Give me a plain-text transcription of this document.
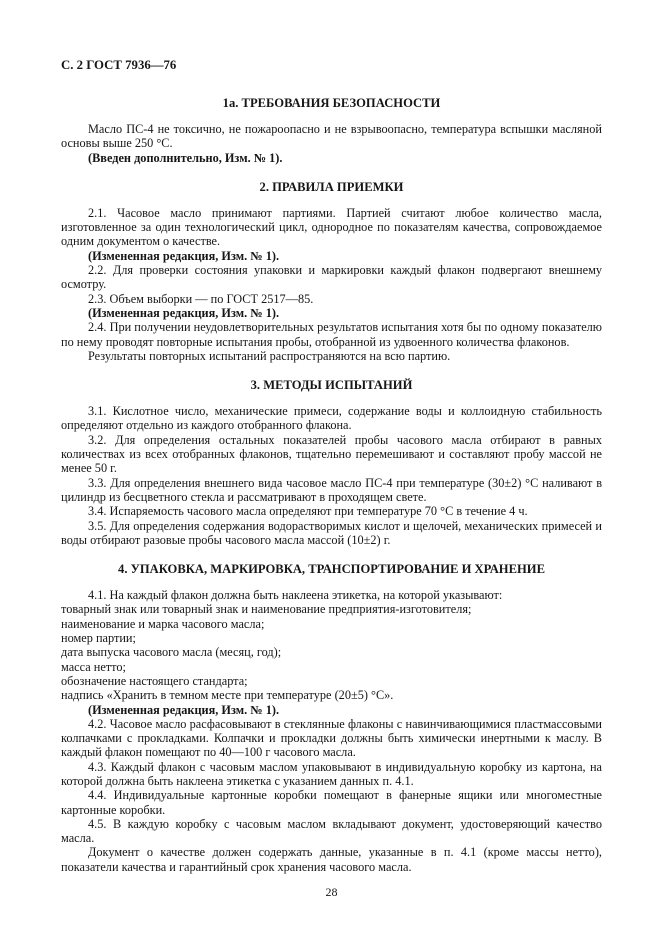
С. 2 ГОСТ 7936—76
1а. ТРЕБОВАНИЯ БЕЗОПАСНОСТИ

Масло ПС-4 не токсично, не пожароопасно и не взрывоопасно, температура вспышки масляной основы выше 250 °С.

(Введен дополнительно, Изм. № 1).

2. ПРАВИЛА ПРИЕМКИ

2.1. Часовое масло принимают партиями. Партией считают любое количество масла, изготовленное за один технологический цикл, однородное по показателям качества, сопровождаемое одним документом о качестве.

(Измененная редакция, Изм. № 1).

2.2. Для проверки состояния упаковки и маркировки каждый флакон подвергают внешнему осмотру.

2.3. Объем выборки — по ГОСТ 2517—85.

(Измененная редакция, Изм. № 1).

2.4. При получении неудовлетворительных результатов испытания хотя бы по одному показателю по нему проводят повторные испытания пробы, отобранной из удвоенного количества флаконов.

Результаты повторных испытаний распространяются на всю партию.

3. МЕТОДЫ ИСПЫТАНИЙ

3.1. Кислотное число, механические примеси, содержание воды и коллоидную стабильность определяют отдельно из каждого отобранного флакона.

3.2. Для определения остальных показателей пробы часового масла отбирают в равных количествах из всех отобранных флаконов, тщательно перемешивают и составляют пробу массой не менее 50 г.

3.3. Для определения внешнего вида часовое масло ПС-4 при температуре (30±2) °С наливают в цилиндр из бесцветного стекла и рассматривают в проходящем свете.

3.4. Испаряемость часового масла определяют при температуре 70 °С в течение 4 ч.

3.5. Для определения содержания водорастворимых кислот и щелочей, механических примесей и воды отбирают разовые пробы часового масла массой (10±2) г.

4. УПАКОВКА, МАРКИРОВКА, ТРАНСПОРТИРОВАНИЕ И ХРАНЕНИЕ

4.1. На каждый флакон должна быть наклеена этикетка, на которой указывают:

товарный знак или товарный знак и наименование предприятия-изготовителя;

наименование и марка часового масла;

номер партии;

дата выпуска часового масла (месяц, год);

масса нетто;

обозначение настоящего стандарта;

надпись «Хранить в темном месте при температуре (20±5) °С».

(Измененная редакция, Изм. № 1).

4.2. Часовое масло расфасовывают в стеклянные флаконы с навинчивающимися пластмассовыми колпачками с прокладками. Колпачки и прокладки должны быть химически инертными к маслу. В каждый флакон помещают по 40—100 г часового масла.

4.3. Каждый флакон с часовым маслом упаковывают в индивидуальную коробку из картона, на которой должна быть наклеена этикетка с указанием данных п. 4.1.

4.4. Индивидуальные картонные коробки помещают в фанерные ящики или многоместные картонные коробки.

4.5. В каждую коробку с часовым маслом вкладывают документ, удостоверяющий качество масла.

Документ о качестве должен содержать данные, указанные в п. 4.1 (кроме массы нетто), показатели качества и гарантийный срок хранения часового масла.

28
